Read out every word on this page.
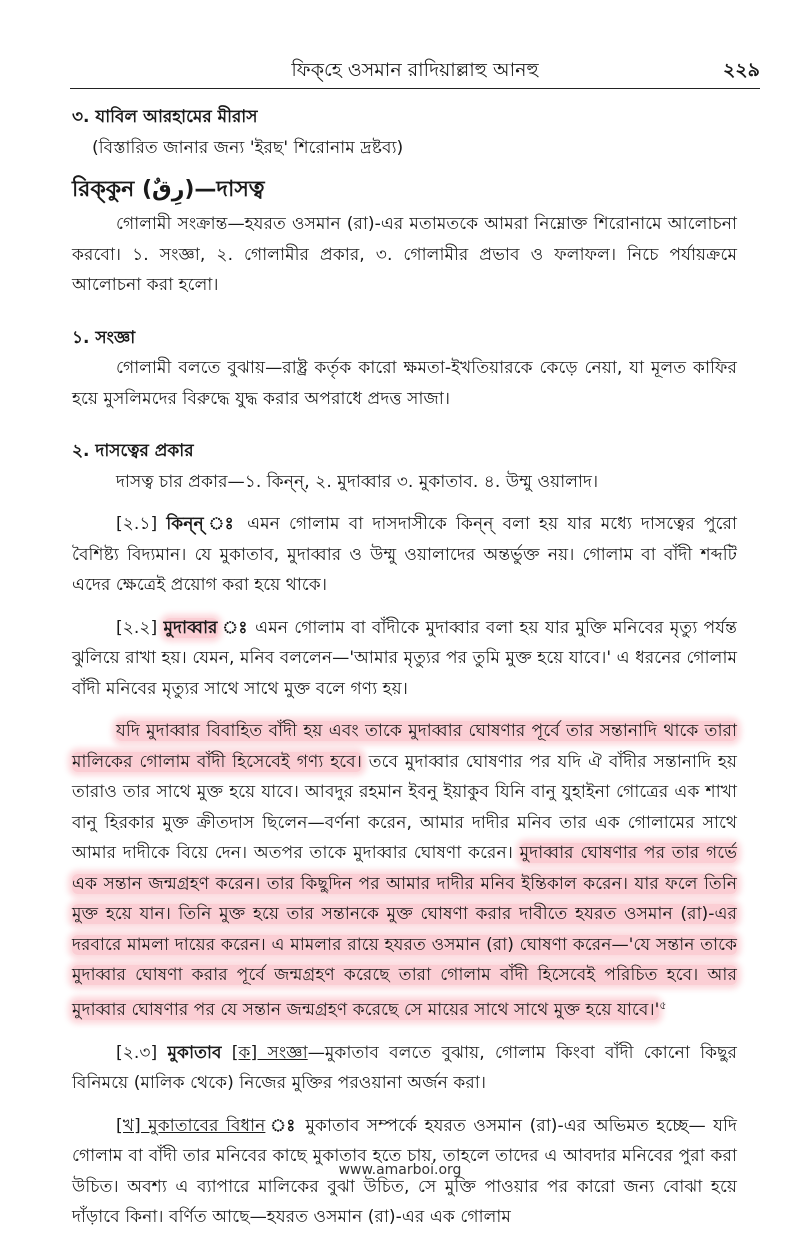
ফিক্‌হে ওসমান রাদিয়াল্লাহু আনহু	২২৯

৩. যাবিল আরহামের মীরাস

(বিস্তারিত জানার জন্য 'ইরছ' শিরোনাম দ্রষ্টব্য)

রিক্‌কুন (رِقٌ)—দাসত্ব

গোলামী সংক্রান্ত—হযরত ওসমান (রা)-এর মতামতকে আমরা নিম্নোক্ত শিরোনামে আলোচনা করবো। ১. সংজ্ঞা, ২. গোলামীর প্রকার, ৩. গোলামীর প্রভাব ও ফলাফল। নিচে পর্যায়ক্রমে আলোচনা করা হলো।

১. সংজ্ঞা

গোলামী বলতে বুঝায়—রাষ্ট্র কর্তৃক কারো ক্ষমতা-ইখতিয়ারকে কেড়ে নেয়া, যা মূলত কাফির হয়ে মুসলিমদের বিরুদ্ধে যুদ্ধ করার অপরাধে প্রদত্ত সাজা।

২. দাসত্বের প্রকার

দাসত্ব চার প্রকার—১. কিন্ন্‌, ২. মুদাব্বার ৩. মুকাতাব. ৪. উম্মু ওয়ালাদ।

[২.১] কিন্ন্‌ ঃ এমন গোলাম বা দাসদাসীকে কিন্ন্‌ বলা হয় যার মধ্যে দাসত্বের পুরো বৈশিষ্ট্য বিদ্যমান। যে মুকাতাব, মুদাব্বার ও উম্মু ওয়ালাদের অন্তর্ভুক্ত নয়। গোলাম বা বাঁদী শব্দটি এদের ক্ষেত্রেই প্রয়োগ করা হয়ে থাকে।

[২.২] মুদাব্বার ঃ এমন গোলাম বা বাঁদীকে মুদাব্বার বলা হয় যার মুক্তি মনিবের মৃত্যু পর্যন্ত ঝুলিয়ে রাখা হয়। যেমন, মনিব বললেন—'আমার মৃত্যুর পর তুমি মুক্ত হয়ে যাবে।' এ ধরনের গোলাম বাঁদী মনিবের মৃত্যুর সাথে সাথে মুক্ত বলে গণ্য হয়।

যদি মুদাব্বার বিবাহিত বাঁদী হয় এবং তাকে মুদাব্বার ঘোষণার পূর্বে তার সন্তানাদি থাকে তারা মালিকের গোলাম বাঁদী হিসেবেই গণ্য হবে। তবে মুদাব্বার ঘোষণার পর যদি ঐ বাঁদীর সন্তানাদি হয় তারাও তার সাথে মুক্ত হয়ে যাবে। আবদুর রহমান ইবনু ইয়াকুব যিনি বানু যুহাইনা গোত্রের এক শাখা বানু হিরকার মুক্ত ক্রীতদাস ছিলেন—বর্ণনা করেন, আমার দাদীর মনিব তার এক গোলামের সাথে আমার দাদীকে বিয়ে দেন। অতপর তাকে মুদাব্বার ঘোষণা করেন। মুদাব্বার ঘোষণার পর তার গর্ভে এক সন্তান জন্মগ্রহণ করেন। তার কিছুদিন পর আমার দাদীর মনিব ইন্তিকাল করেন। যার ফলে তিনি মুক্ত হয়ে যান। তিনি মুক্ত হয়ে তার সন্তানকে মুক্ত ঘোষণা করার দাবীতে হযরত ওসমান (রা)-এর দরবারে মামলা দায়ের করেন। এ মামলার রায়ে হযরত ওসমান (রা) ঘোষণা করেন—'যে সন্তান তাকে মুদাব্বার ঘোষণা করার পূর্বে জন্মগ্রহণ করেছে তারা গোলাম বাঁদী হিসেবেই পরিচিত হবে। আর মুদাব্বার ঘোষণার পর যে সন্তান জন্মগ্রহণ করেছে সে মায়ের সাথে সাথে মুক্ত হয়ে $যাবে।'^৫$

[২.৩] মুকাতাব [ক] সংজ্ঞা—মুকাতাব বলতে বুঝায়, গোলাম কিংবা বাঁদী কোনো কিছুর বিনিময়ে (মালিক থেকে) নিজের মুক্তির পরওয়ানা অর্জন করা।

[খ] মুকাতাবের বিধান ঃ মুকাতাব সম্পর্কে হযরত ওসমান (রা)-এর অভিমত হচ্ছে— যদি গোলাম বা বাঁদী তার মনিবের কাছে মুকাতাব হতে চায়, তাহলে তাদের এ আবদার মনিবের পুরা করা উচিত। অবশ্য এ ব্যাপারে মালিকের বুঝা উচিত, সে মুক্তি পাওয়ার পর কারো জন্য বোঝা হয়ে দাঁড়াবে কিনা। বর্ণিত আছে—হযরত ওসমান (রা)-এর এক গোলাম

www.amarboi.org
